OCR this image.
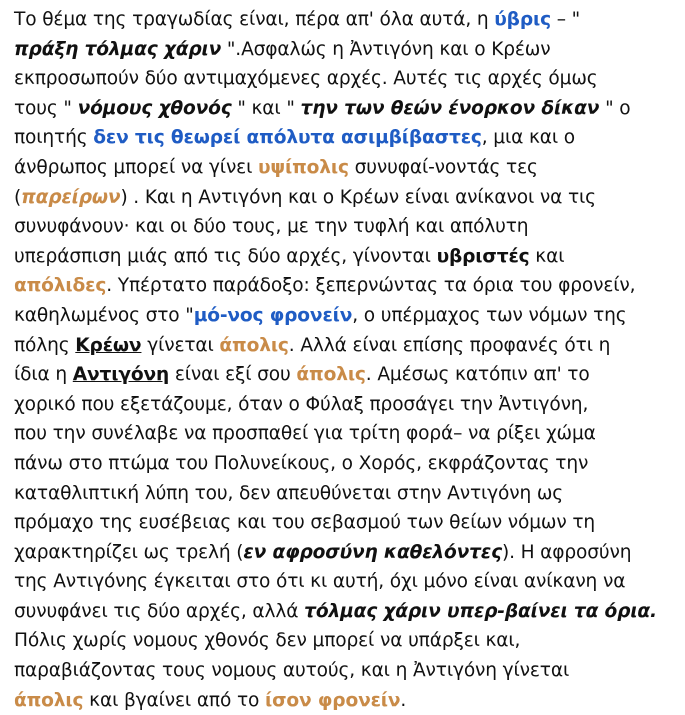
Το θέμα της τραγωδίας είναι, πέρα απ' όλα αυτά, η ύβρις – "
πράξη τόλμας χάριν ".Ασφαλώς η Ἀντιγόνη και ο Κρέων
εκπροσωπούν δύο αντιμαχόμενες αρχές. Αυτές τις αρχές όμως
τους " νόμους χθονός " και " την των θεών ένορκον δίκαν " ο
ποιητής δεν τις θεωρεί απόλυτα ασιμβίβαστες, μια και ο
άνθρωπος μπορεί να γίνει υψίπολις συνυφαί-νοντάς τες
(παρείρων) . Και η Αντιγόνη και ο Κρέων είναι ανίκανοι να τις
συνυφάνουν· και οι δύο τους, με την τυφλή και απόλυτη
υπεράσπιση μιάς από τις δύο αρχές, γίνονται υβριστές και
απόλιδες. Υπέρτατο παράδοξο: ξεπερνώντας τα όρια του φρονείν,
καθηλωμένος στο "μό-νος φρονείν, ο υπέρμαχος των νόμων της
πόλης Κρέων γίνεται άπολις. Αλλά είναι επίσης προφανές ότι η
ίδια η Αντιγόνη είναι εξί σου άπολις. Αμέσως κατόπιν απ' το
χορικό που εξετάζουμε, όταν ο Φύλαξ προσάγει την Ἀντιγόνη,
που την συνέλαβε να προσπαθεί για τρίτη φορά– να ρίξει χώμα
πάνω στο πτώμα του Πολυνείκους, ο Χορός, εκφράζοντας την
καταθλιπτική λύπη του, δεν απευθύνεται στην Αντιγόνη ως
πρόμαχο της ευσέβειας και του σεβασμού των θείων νόμων τη
χαρακτηρίζει ως τρελή (εν αφροσύνη καθελόντες). Η αφροσύνη
της Αντιγόνης έγκειται στο ότι κι αυτή, όχι μόνο είναι ανίκανη να
συνυφάνει τις δύο αρχές, αλλά τόλμας χάριν υπερ-βαίνει τα όρια.
Πόλις χωρίς νομους χθονός δεν μπορεί να υπάρξει και,
παραβιάζοντας τους νομους αυτούς, και η Ἀντιγόνη γίνεται
άπολις και βγαίνει από το ίσον φρονείν.
